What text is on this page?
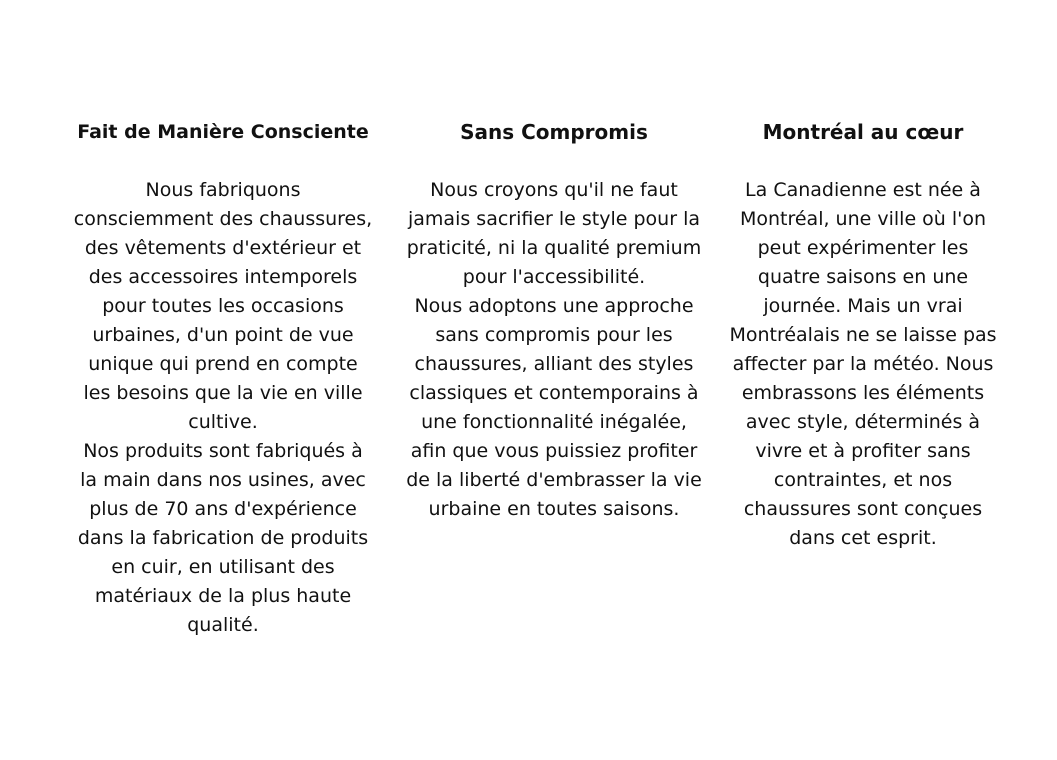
Fait de Manière Consciente

Nous fabriquons consciemment des chaussures, des vêtements d'extérieur et des accessoires intemporels pour toutes les occasions urbaines, d'un point de vue unique qui prend en compte les besoins que la vie en ville cultive.
Nos produits sont fabriqués à la main dans nos usines, avec plus de 70 ans d'expérience dans la fabrication de produits en cuir, en utilisant des matériaux de la plus haute qualité.

Sans Compromis

Nous croyons qu'il ne faut jamais sacrifier le style pour la praticité, ni la qualité premium pour l'accessibilité.
Nous adoptons une approche sans compromis pour les chaussures, alliant des styles classiques et contemporains à une fonctionnalité inégalée, afin que vous puissiez profiter de la liberté d'embrasser la vie urbaine en toutes saisons.

Montréal au cœur

La Canadienne est née à Montréal, une ville où l'on peut expérimenter les quatre saisons en une journée. Mais un vrai Montréalais ne se laisse pas affecter par la météo. Nous embrassons les éléments avec style, déterminés à vivre et à profiter sans contraintes, et nos chaussures sont conçues dans cet esprit.
